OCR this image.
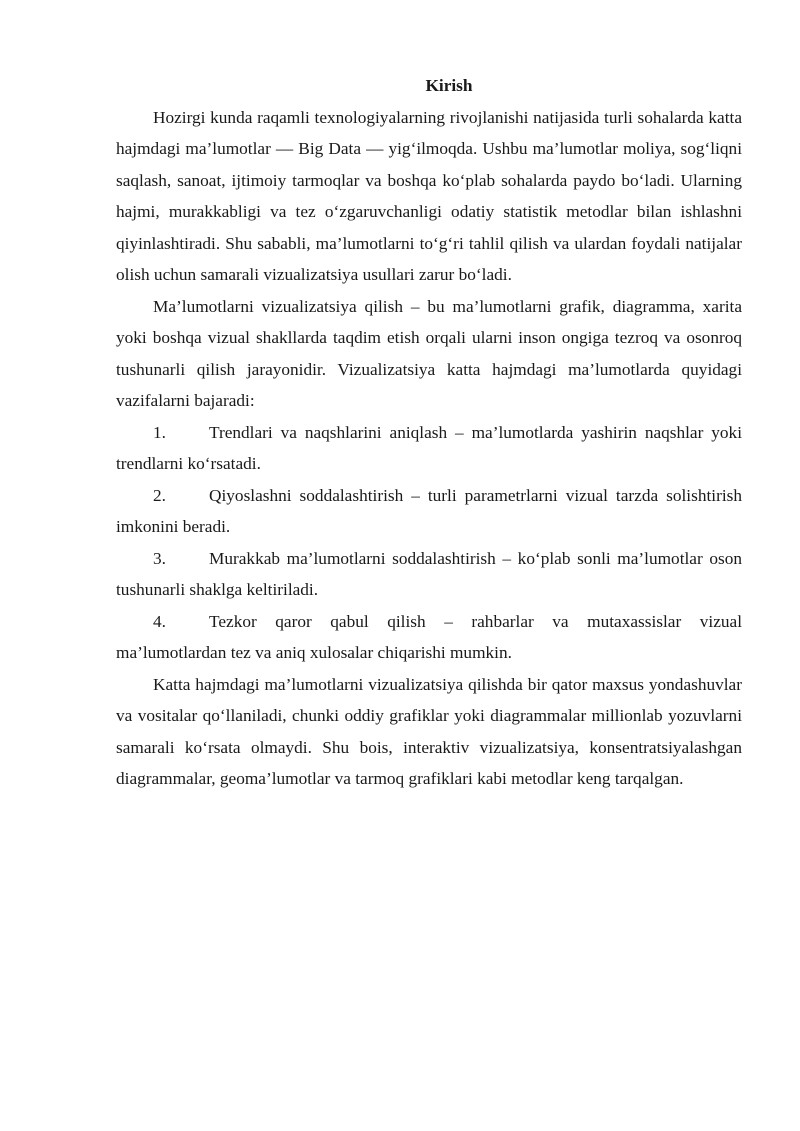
Kirish

Hozirgi kunda raqamli texnologiyalarning rivojlanishi natijasida turli sohalarda katta hajmdagi ma’lumotlar — Big Data — yig‘ilmoqda. Ushbu ma’lumotlar moliya, sog‘liqni saqlash, sanoat, ijtimoiy tarmoqlar va boshqa ko‘plab sohalarda paydo bo‘ladi. Ularning hajmi, murakkabligi va tez o‘zgaruvchanligi odatiy statistik metodlar bilan ishlashni qiyinlashtiradi. Shu sababli, ma’lumotlarni to‘g‘ri tahlil qilish va ulardan foydali natijalar olish uchun samarali vizualizatsiya usullari zarur bo‘ladi.

Ma’lumotlarni vizualizatsiya qilish – bu ma’lumotlarni grafik, diagramma, xarita yoki boshqa vizual shakllarda taqdim etish orqali ularni inson ongiga tezroq va osonroq tushunarli qilish jarayonidir. Vizualizatsiya katta hajmdagi ma’lumotlarda quyidagi vazifalarni bajaradi:

1. Trendlari va naqshlarini aniqlash – ma’lumotlarda yashirin naqshlar yoki trendlarni ko‘rsatadi.
2. Qiyoslashni soddalashtirish – turli parametrlarni vizual tarzda solishtirish imkonini beradi.
3. Murakkab ma’lumotlarni soddalashtirish – ko‘plab sonli ma’lumotlar oson tushunarli shaklga keltiriladi.
4. Tezkor qaror qabul qilish – rahbarlar va mutaxassislar vizual ma’lumotlardan tez va aniq xulosalar chiqarishi mumkin.

Katta hajmdagi ma’lumotlarni vizualizatsiya qilishda bir qator maxsus yondashuvlar va vositalar qo‘llaniladi, chunki oddiy grafiklar yoki diagrammalar millionlab yozuvlarni samarali ko‘rsata olmaydi. Shu bois, interaktiv vizualizatsiya, konsentratsiyalashgan diagrammalar, geoma’lumotlar va tarmoq grafiklari kabi metodlar keng tarqalgan.
